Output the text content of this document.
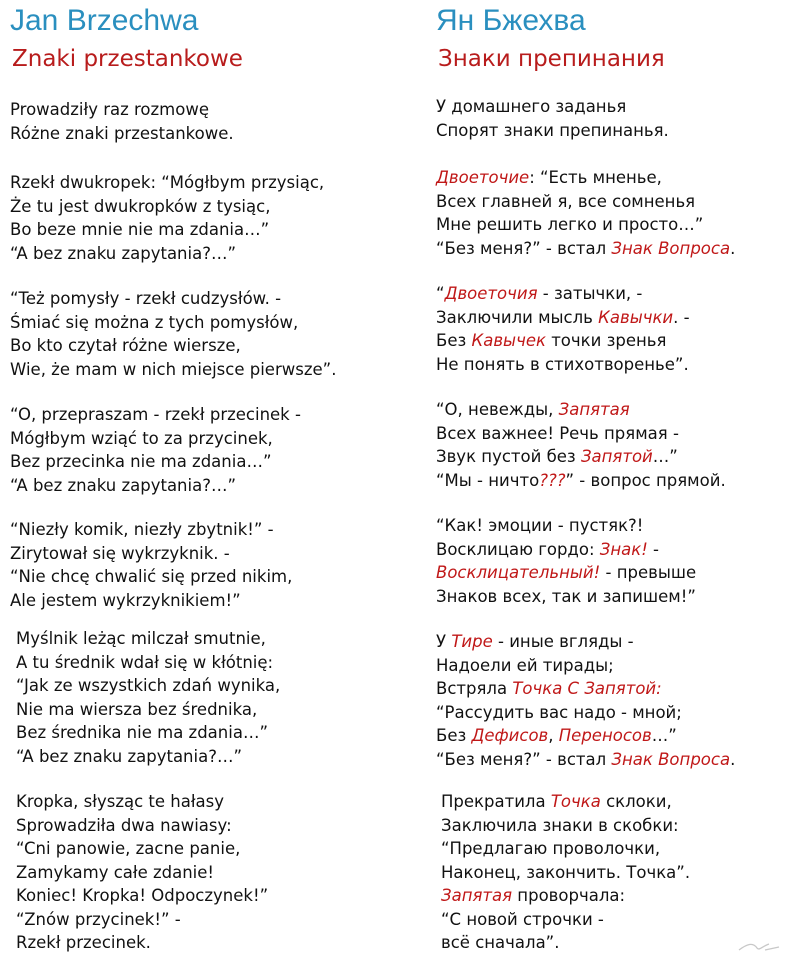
Jan Brzechwa
Znaki przestankowe
Prowadziły raz rozmowę
Różne znaki przestankowe.
Rzekł dwukropek: “Mógłbym przysiąc,
Że tu jest dwukropków z tysiąc,
Bo beze mnie nie ma zdania…”
“A bez znaku zapytania?…”
“Też pomysły - rzekł cudzysłów. -
Śmiać się można z tych pomysłów,
Bo kto czytał różne wiersze,
Wie, że mam w nich miejsce pierwsze”.
“O, przepraszam - rzekł przecinek -
Mógłbym wziąć to za przycinek,
Bez przecinka nie ma zdania…”
“A bez znaku zapytania?…”
“Niezły komik, niezły zbytnik!” -
Zirytował się wykrzyknik. -
“Nie chcę chwalić się przed nikim,
Ale jestem wykrzyknikiem!”
Myślnik leżąc milczał smutnie,
A tu średnik wdał się w kłótnię:
“Jak ze wszystkich zdań wynika,
Nie ma wiersza bez średnika,
Bez średnika nie ma zdania…”
“A bez znaku zapytania?…”
Kropka, słysząc te hałasy
Sprowadziła dwa nawiasy:
“Cni panowie, zacne panie,
Zamykamy całe zdanie!
Koniec! Kropka! Odpoczynek!”
“Znów przycinek!” -
Rzekł przecinek.
Ян Бжехва
Знаки препинания
У домашнего заданья
Спорят знаки препинанья.
Двоеточие: “Есть мненье,
Всех главней я, все сомненья
Мне решить легко и просто…”
“Без меня?” - встал Знак Вопроса.
“Двоеточия - затычки, -
Заключили мысль Кавычки. -
Без Кавычек точки зренья
Не понять в стихотворенье”.
“О, невежды, Запятая
Всех важнее! Речь прямая -
Звук пустой без Запятой…”
“Мы - ничто???” - вопрос прямой.
“Как! эмоции - пустяк?!
Восклицаю гордо: Знак! -
Восклицательный! - превыше
Знаков всех, так и запишем!”
У Тире - иные вгляды -
Надоели ей тирады;
Встряла Точка С Запятой:
“Рассудить вас надо - мной;
Без Дефисов, Переносов…”
“Без меня?” - встал Знак Вопроса.
Прекратила Точка склоки,
Заключила знаки в скобки:
“Предлагаю проволочки,
Наконец, закончить. Точка”.
Запятая проворчала:
“С новой строчки -
всё сначала”.
